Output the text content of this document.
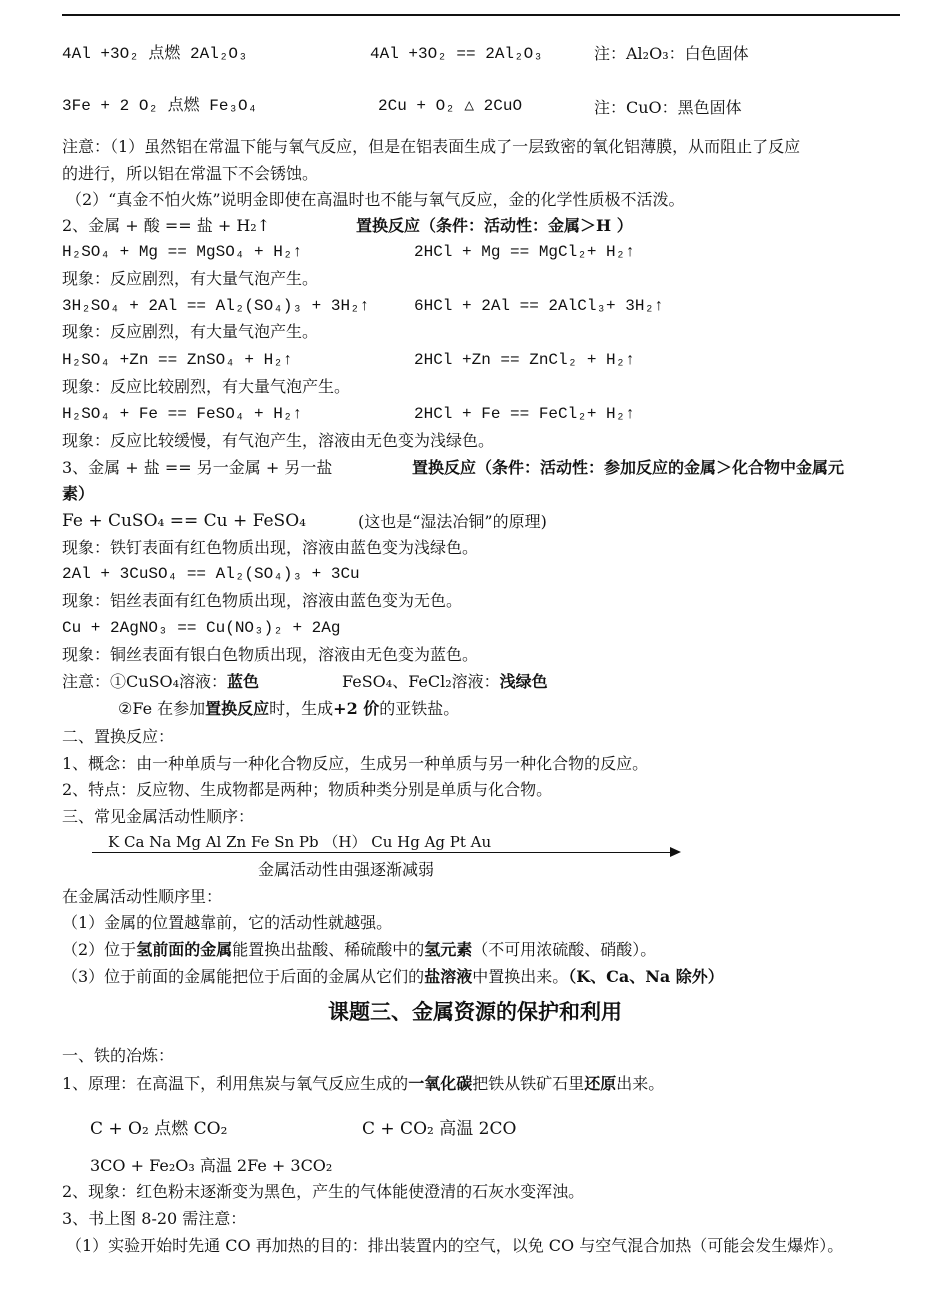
4Al +3O₂ 点燃 2Al₂O₃	4Al +3O₂ == 2Al₂O₃	注：Al₂O₃：白色固体
3Fe + 2 O₂ 点燃 Fe₃O₄	2Cu + O₂ △ 2CuO	注：CuO：黑色固体
注意：（1）虽然铝在常温下能与氧气反应，但是在铝表面生成了一层致密的氧化铝薄膜，从而阻止了反应
的进行，所以铝在常温下不会锈蚀。
（2）“真金不怕火炼”说明金即使在高温时也不能与氧气反应，金的化学性质极不活泼。
2、金属 + 酸 == 盐 + H₂↑	置换反应（条件：活动性：金属＞H ）
H₂SO₄ + Mg == MgSO₄ + H₂↑	2HCl + Mg == MgCl₂+ H₂↑
现象：反应剧烈，有大量气泡产生。
3H₂SO₄ + 2Al == Al₂(SO₄)₃ + 3H₂↑	6HCl + 2Al == 2AlCl₃+ 3H₂↑
现象：反应剧烈，有大量气泡产生。
H₂SO₄ +Zn == ZnSO₄ + H₂↑	2HCl +Zn == ZnCl₂ + H₂↑
现象：反应比较剧烈，有大量气泡产生。
H₂SO₄ + Fe == FeSO₄ + H₂↑	2HCl + Fe == FeCl₂+ H₂↑
现象：反应比较缓慢，有气泡产生，溶液由无色变为浅绿色。
3、金属 + 盐 == 另一金属 + 另一盐	置换反应（条件：活动性：参加反应的金属＞化合物中金属元
素）
Fe + CuSO₄ == Cu + FeSO₄	(这也是“湿法冶铜”的原理)
现象：铁钉表面有红色物质出现，溶液由蓝色变为浅绿色。
2Al + 3CuSO₄ == Al₂(SO₄)₃ + 3Cu
现象：铝丝表面有红色物质出现，溶液由蓝色变为无色。
Cu + 2AgNO₃ == Cu(NO₃)₂ + 2Ag
现象：铜丝表面有银白色物质出现，溶液由无色变为蓝色。
注意：①CuSO₄溶液：蓝色	FeSO₄、FeCl₂溶液：浅绿色
②Fe 在参加置换反应时，生成+2 价的亚铁盐。
二、置换反应：
1、概念：由一种单质与一种化合物反应，生成另一种单质与另一种化合物的反应。
2、特点：反应物、生成物都是两种；物质种类分别是单质与化合物。
三、常见金属活动性顺序：
K Ca Na Mg Al Zn Fe Sn Pb （H） Cu Hg Ag Pt Au
金属活动性由强逐渐减弱
在金属活动性顺序里：
（1）金属的位置越靠前，它的活动性就越强。
（2）位于氢前面的金属能置换出盐酸、稀硫酸中的氢元素（不可用浓硫酸、硝酸）。
（3）位于前面的金属能把位于后面的金属从它们的盐溶液中置换出来。（K、Ca、Na 除外）
课题三、金属资源的保护和利用
一、铁的冶炼：
1、原理：在高温下，利用焦炭与氧气反应生成的一氧化碳把铁从铁矿石里还原出来。
C + O₂ 点燃 CO₂	C + CO₂ 高温 2CO
3CO + Fe₂O₃ 高温 2Fe + 3CO₂
2、现象：红色粉末逐渐变为黑色，产生的气体能使澄清的石灰水变浑浊。
3、书上图 8-20 需注意：
（1）实验开始时先通 CO 再加热的目的：排出装置内的空气，以免 CO 与空气混合加热（可能会发生爆炸）。
